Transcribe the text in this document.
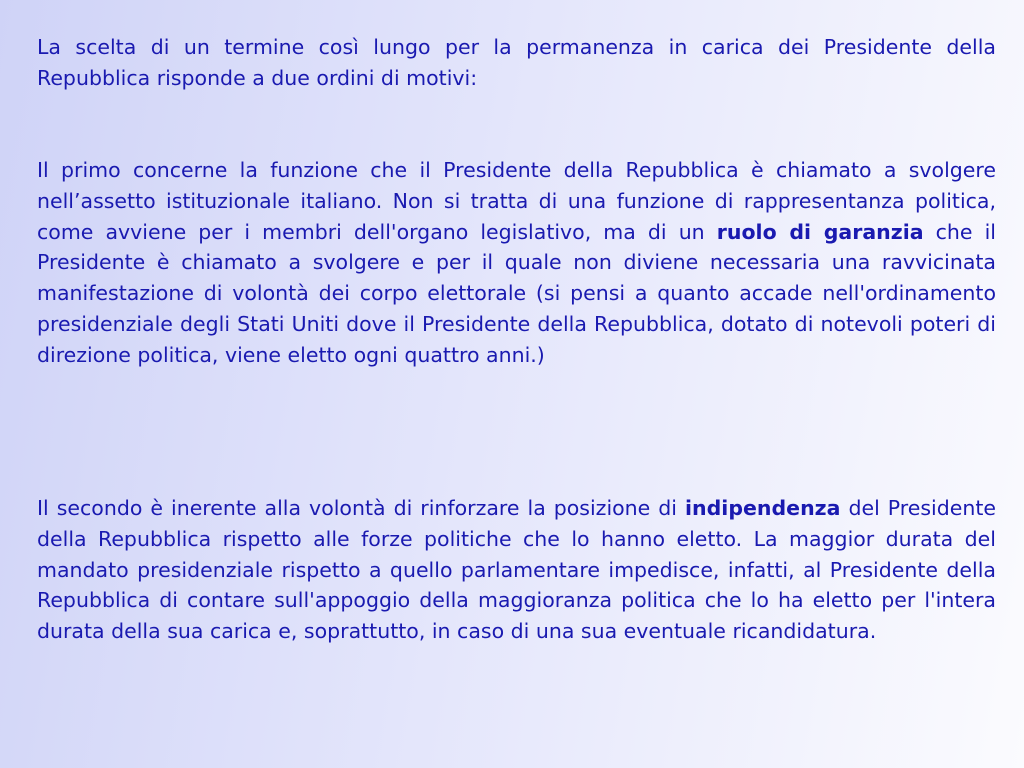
La scelta di un termine così lungo per la permanenza in carica dei Presidente della Repubblica risponde a due ordini di motivi:
Il primo concerne la funzione che il Presidente della Repubblica è chiamato a svolgere nell’assetto istituzionale italiano. Non si tratta di una funzione di rappresentanza politica, come avviene per i membri dell'organo legislativo, ma di un ruolo di garanzia che il Presidente è chiamato a svolgere e per il quale non diviene necessaria una ravvicinata manifestazione di volontà dei corpo elettorale (si pensi a quanto accade nell'ordinamento presidenziale degli Stati Uniti dove il Presidente della Repubblica, dotato di notevoli poteri di direzione politica, viene eletto ogni quattro anni.)
Il secondo è inerente alla volontà di rinforzare la posizione di indipendenza del Presidente della Repubblica rispetto alle forze politiche che lo hanno eletto. La maggior durata del mandato presidenziale rispetto a quello parlamentare impedisce, infatti, al Presidente della Repubblica di contare sull'appoggio della maggioranza politica che lo ha eletto per l'intera durata della sua carica e, soprattutto, in caso di una sua eventuale ricandidatura.
